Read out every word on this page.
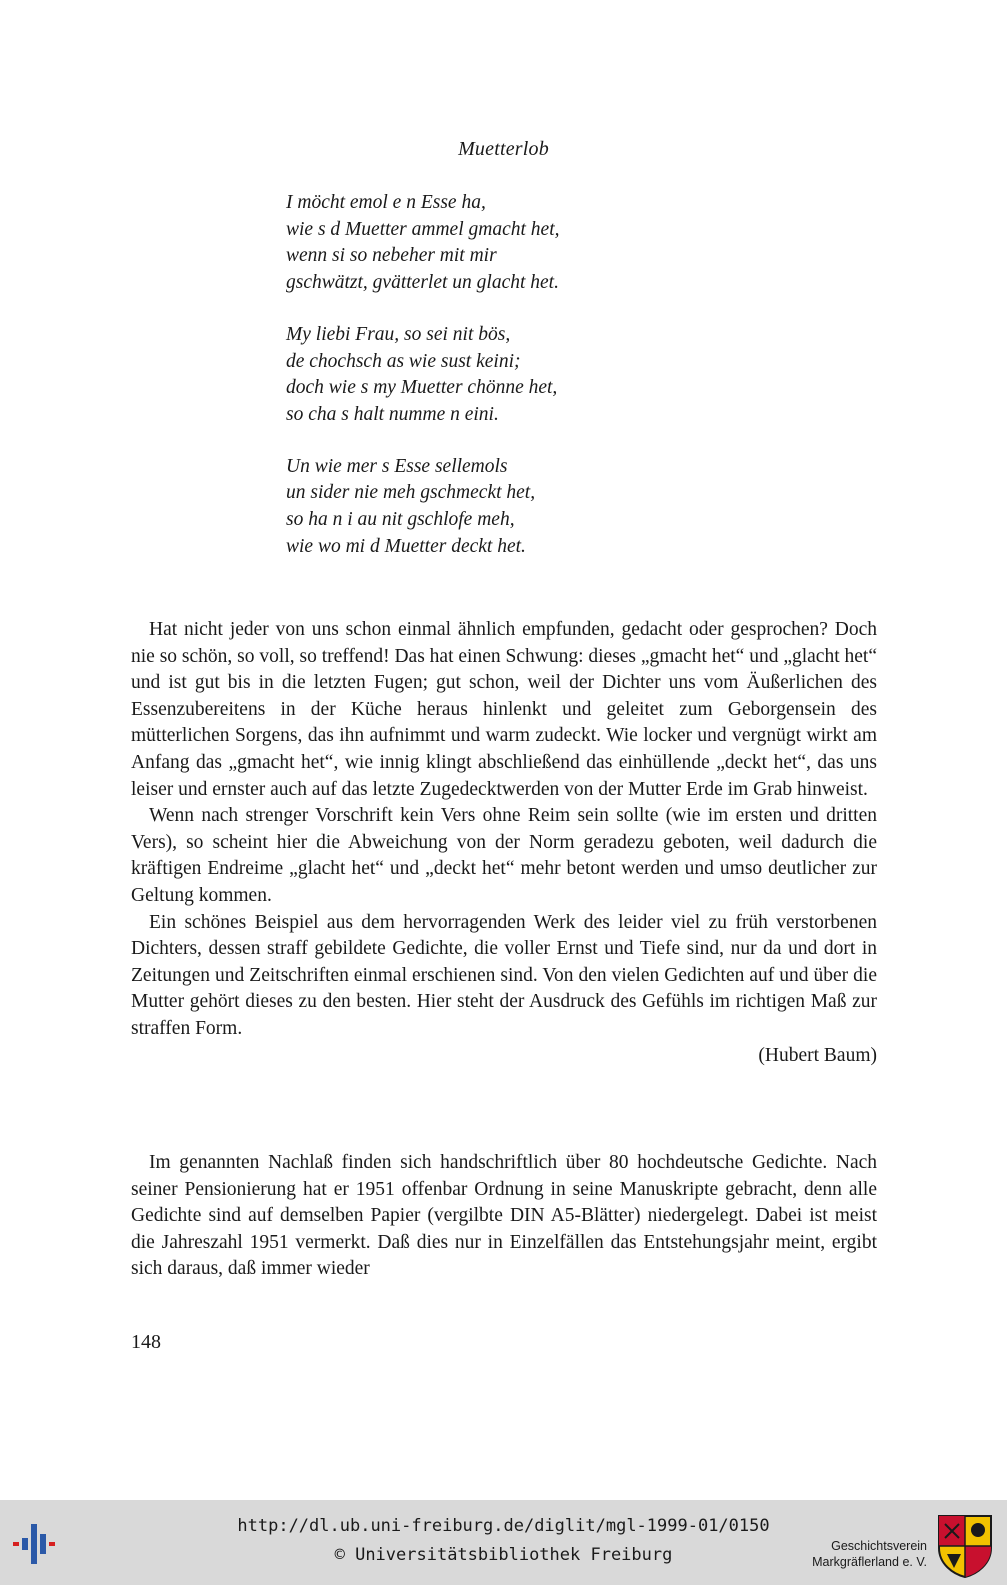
Muetterlob
I möcht emol e n Esse ha,
wie s d Muetter ammel gmacht het,
wenn si so nebeher mit mir
gschwätzt, gvätterlet un glacht het.
My liebi Frau, so sei nit bös,
de chochsch as wie sust keini;
doch wie s my Muetter chönne het,
so cha s halt numme n eini.
Un wie mer s Esse sellemols
un sider nie meh gschmeckt het,
so ha n i au nit gschlofe meh,
wie wo mi d Muetter deckt het.

Hat nicht jeder von uns schon einmal ähnlich empfunden, gedacht oder gesprochen? Doch nie so schön, so voll, so treffend! Das hat einen Schwung: dieses „gmacht het“ und „glacht het“ und ist gut bis in die letzten Fugen; gut schon, weil der Dichter uns vom Äußerlichen des Essenzubereitens in der Küche heraus hinlenkt und geleitet zum Geborgensein des mütterlichen Sorgens, das ihn aufnimmt und warm zudeckt. Wie locker und vergnügt wirkt am Anfang das „gmacht het“, wie innig klingt abschließend das einhüllende „deckt het“, das uns leiser und ernster auch auf das letzte Zugedecktwerden von der Mutter Erde im Grab hinweist.

Wenn nach strenger Vorschrift kein Vers ohne Reim sein sollte (wie im ersten und dritten Vers), so scheint hier die Abweichung von der Norm geradezu geboten, weil dadurch die kräftigen Endreime „glacht het“ und „deckt het“ mehr betont werden und umso deutlicher zur Geltung kommen.

Ein schönes Beispiel aus dem hervorragenden Werk des leider viel zu früh verstorbenen Dichters, dessen straff gebildete Gedichte, die voller Ernst und Tiefe sind, nur da und dort in Zeitungen und Zeitschriften einmal erschienen sind. Von den vielen Gedichten auf und über die Mutter gehört dieses zu den besten. Hier steht der Ausdruck des Gefühls im richtigen Maß zur straffen Form.

(Hubert Baum)

Im genannten Nachlaß finden sich handschriftlich über 80 hochdeutsche Gedichte. Nach seiner Pensionierung hat er 1951 offenbar Ordnung in seine Manuskripte gebracht, denn alle Gedichte sind auf demselben Papier (vergilbte DIN A5-Blätter) niedergelegt. Dabei ist meist die Jahreszahl 1951 vermerkt. Daß dies nur in Einzelfällen das Entstehungsjahr meint, ergibt sich daraus, daß immer wieder

148
http://dl.ub.uni-freiburg.de/diglit/mgl-1999-01/0150
© Universitätsbibliothek Freiburg	Geschichtsverein
Markgräflerland e. V.
